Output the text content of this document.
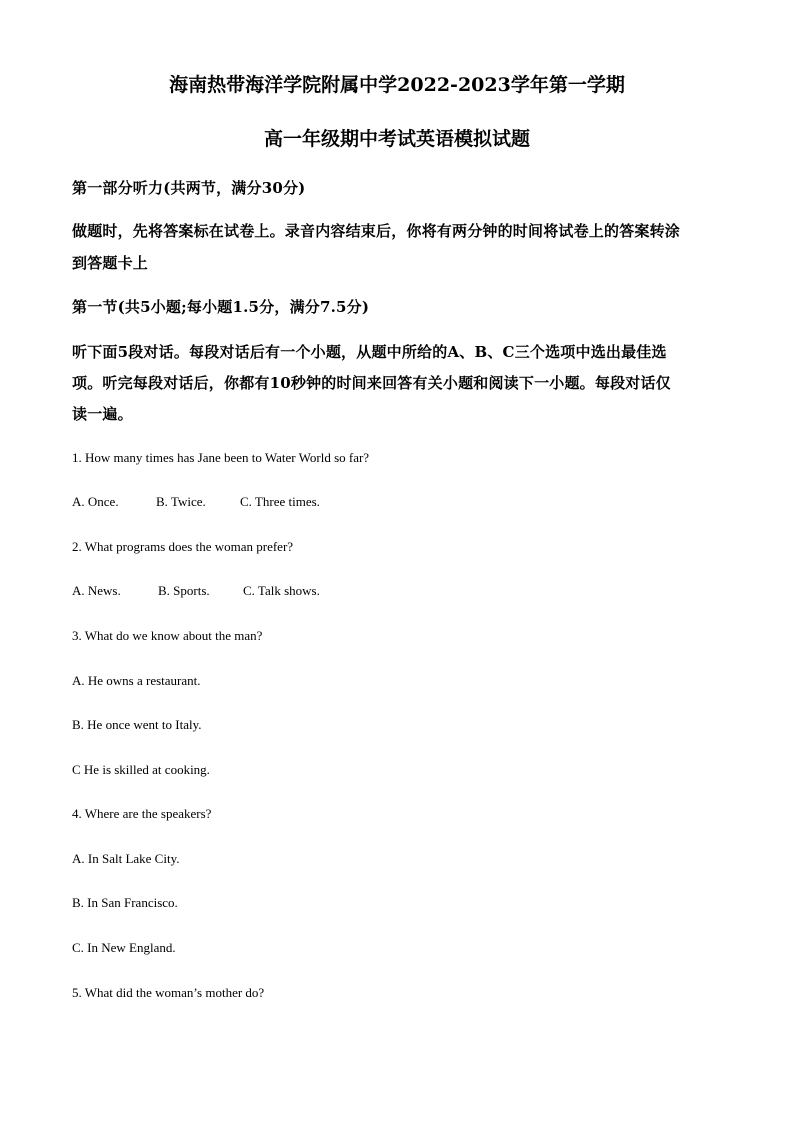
海南热带海洋学院附属中学2022-2023学年第一学期

高一年级期中考试英语模拟试题

第一部分听力(共两节，满分30分)

做题时，先将答案标在试卷上。录音内容结束后，你将有两分钟的时间将试卷上的答案转涂

到答题卡上

第一节(共5小题;每小题1.5分，满分7.5分)

听下面5段对话。每段对话后有一个小题，从题中所给的A、B、C三个选项中选出最佳选

项。听完每段对话后，你都有10秒钟的时间来回答有关小题和阅读下一小题。每段对话仅

读一遍。

1. How many times has Jane been to Water World so far?

A. Once.	B. Twice.	C. Three times.

2. What programs does the woman prefer?

A. News.	B. Sports.	C. Talk shows.

3. What do we know about the man?

A. He owns a restaurant.

B. He once went to Italy.

C He is skilled at cooking.

4. Where are the speakers?

A. In Salt Lake City.

B. In San Francisco.

C. In New England.

5. What did the woman’s mother do?
